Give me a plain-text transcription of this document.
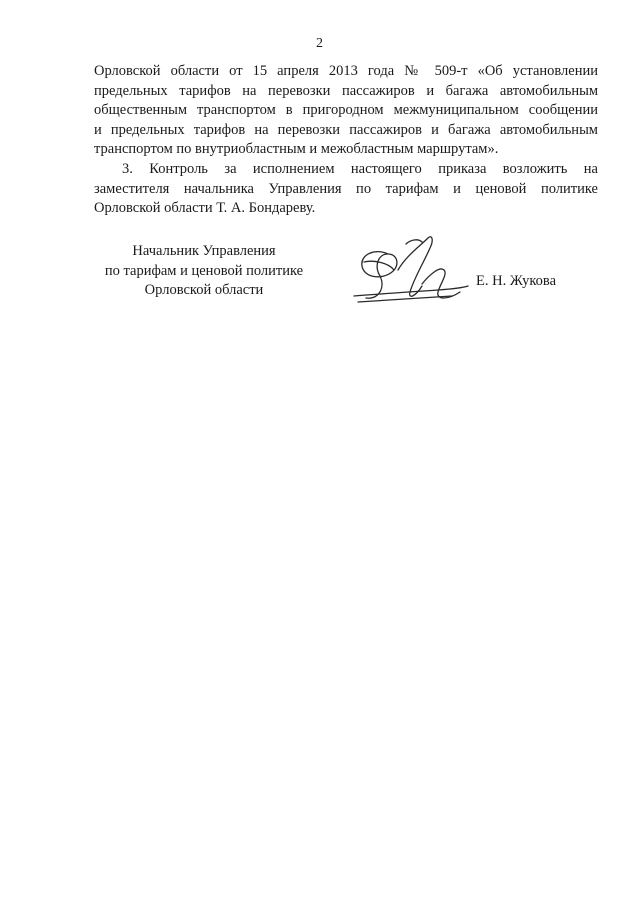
2
Орловской области от 15 апреля 2013 года № 509-т «Об установлении
предельных тарифов на перевозки пассажиров и багажа автомобильным
общественным транспортом в пригородном межмуниципальном сообщении
и предельных тарифов на перевозки пассажиров и багажа автомобильным
транспортом по внутриобластным и межобластным маршрутам».
3. Контроль за исполнением настоящего приказа возложить на
заместителя начальника Управления по тарифам и ценовой политике
Орловской области Т. А. Бондареву.
Начальник Управления
по тарифам и ценовой политике
Орловской области
Е. Н. Жукова
